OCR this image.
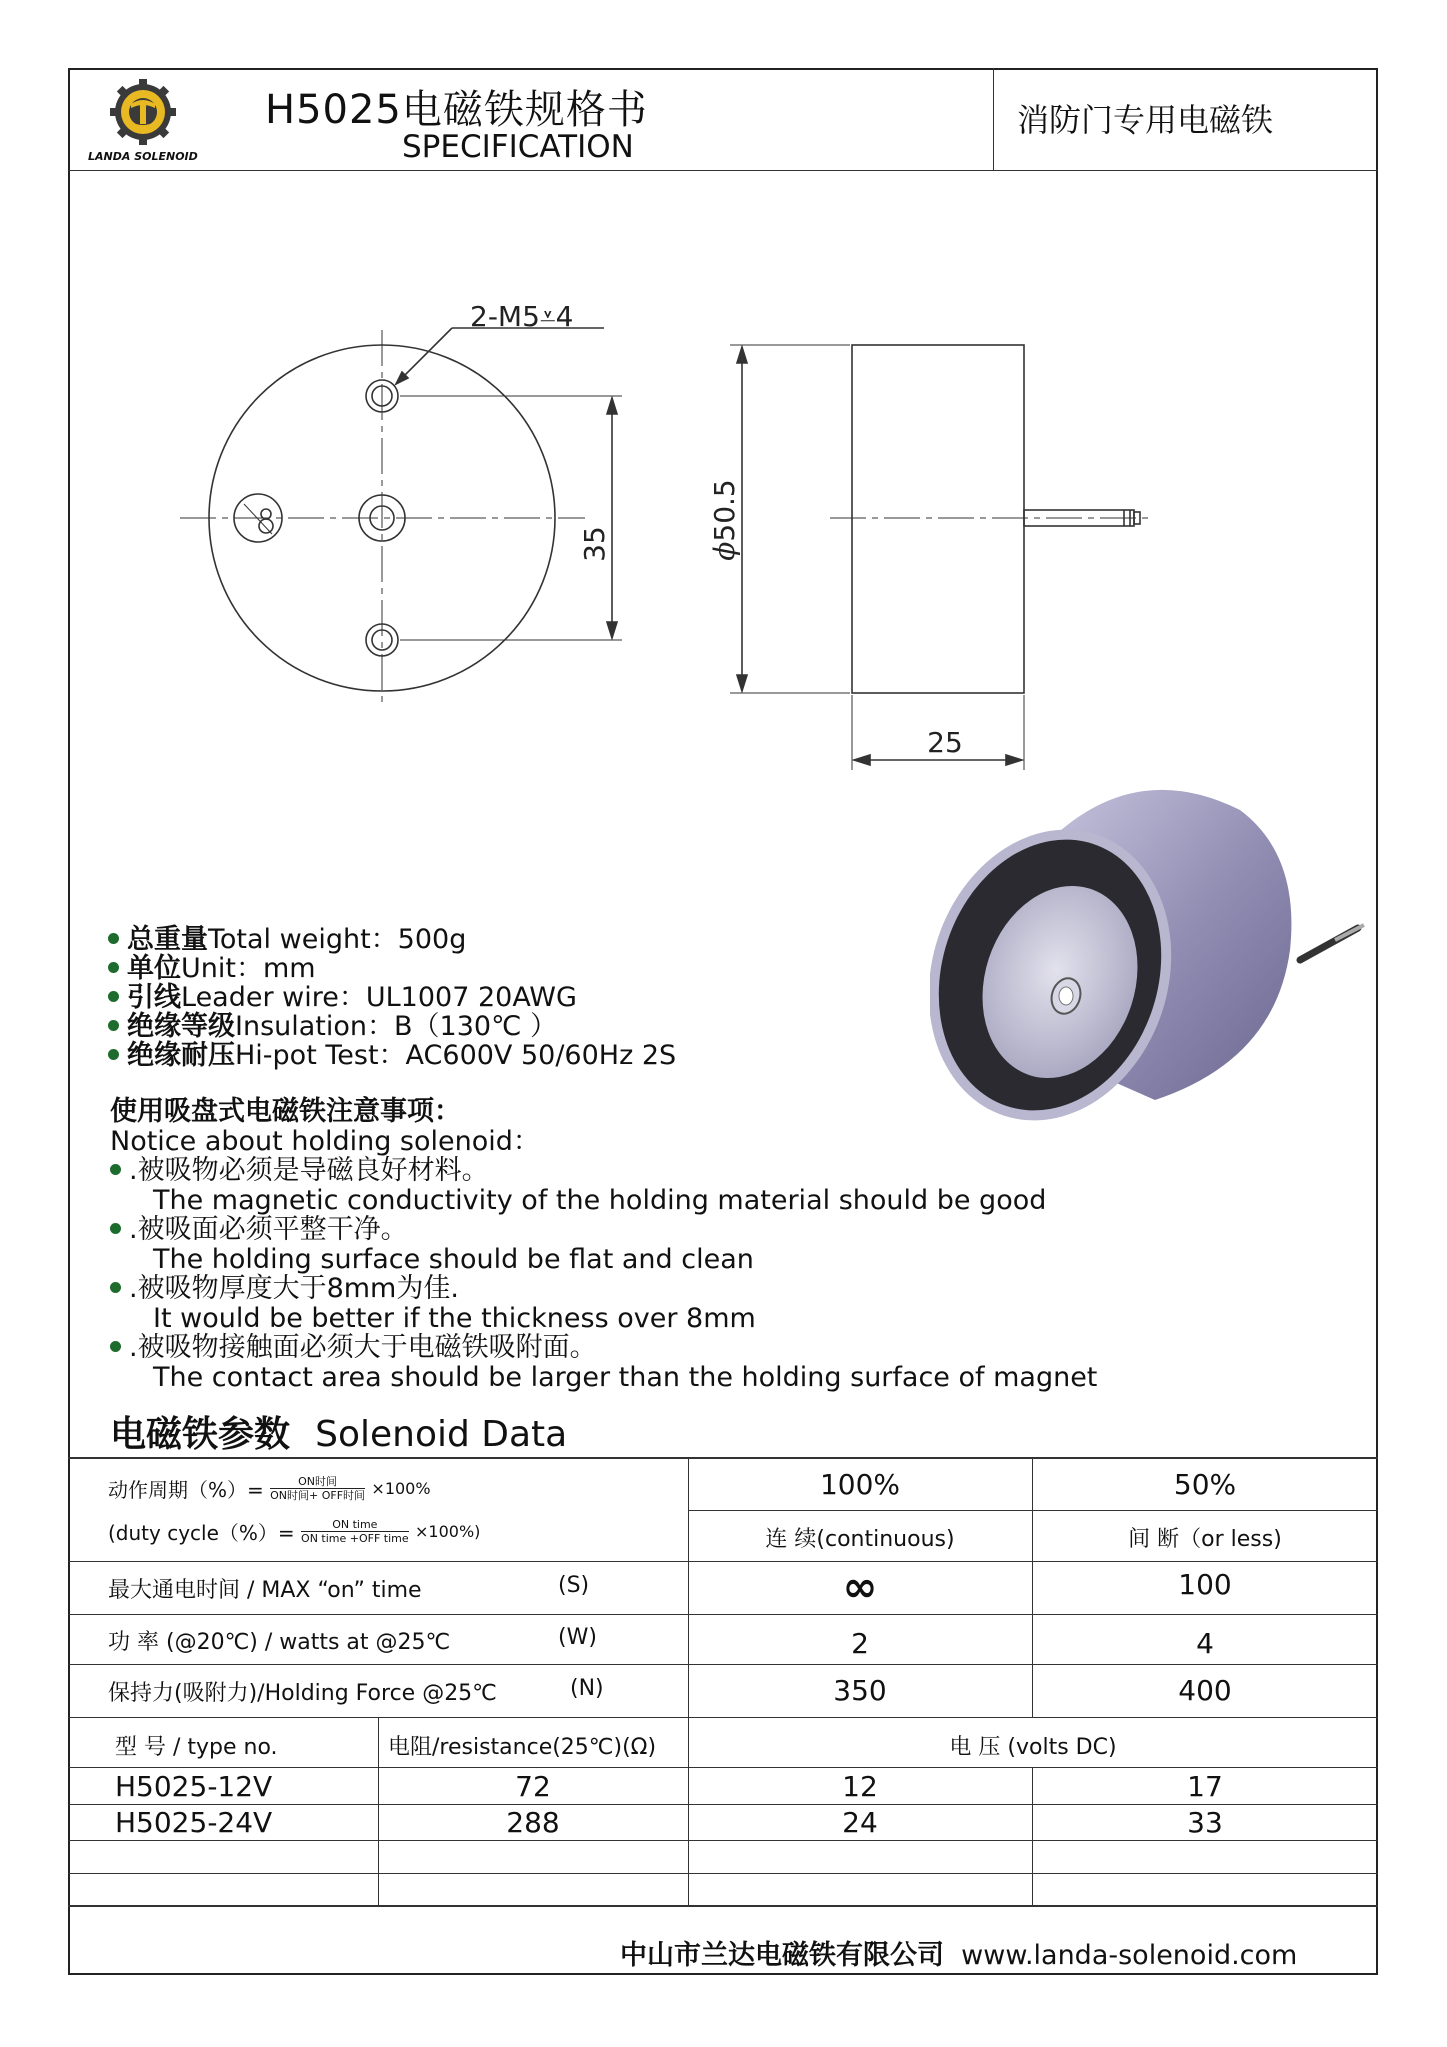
LANDA SOLENOID
H5025电磁铁规格书
SPECIFICATION
消防门专用电磁铁
35
2-M5⩡4
ϕ50.5
25
总重量Total weight：500g
单位Unit：mm
引线Leader wire：UL1007 20AWG
绝缘等级Insulation：B（130℃ ）
绝缘耐压Hi-pot Test：AC600V 50/60Hz 2S
使用吸盘式电磁铁注意事项：
Notice about holding solenoid：
.被吸物必须是导磁良好材料。
The magnetic conductivity of the holding material should be good
.被吸面必须平整干净。
The holding surface should be flat and clean
.被吸物厚度大于8mm为佳.
It would be better if the thickness over 8mm
.被吸物接触面必须大于电磁铁吸附面。
The contact area should be larger than the holding surface of magnet
电磁铁参数 Solenoid Data
动作周期（%）=	ON时间
ON时间+ OFF时间 ×100%
(duty cycle（%）=	ON time
ON time +OFF time ×100%)
100%	50%
连 续(continuous)	间 断（or less)
最大通电时间 / MAX “on” time	(S)	∞	100
功 率 (@20℃) / watts at @25℃	(W)	2	4
保持力(吸附力)/Holding Force @25℃	(N)	350	400
型 号 / type no.	电阻/resistance(25℃)(Ω)	电 压 (volts DC)
H5025-12V	72	12	17
H5025-24V	288	24	33
中山市兰达电磁铁有限公司 www.landa-solenoid.com
